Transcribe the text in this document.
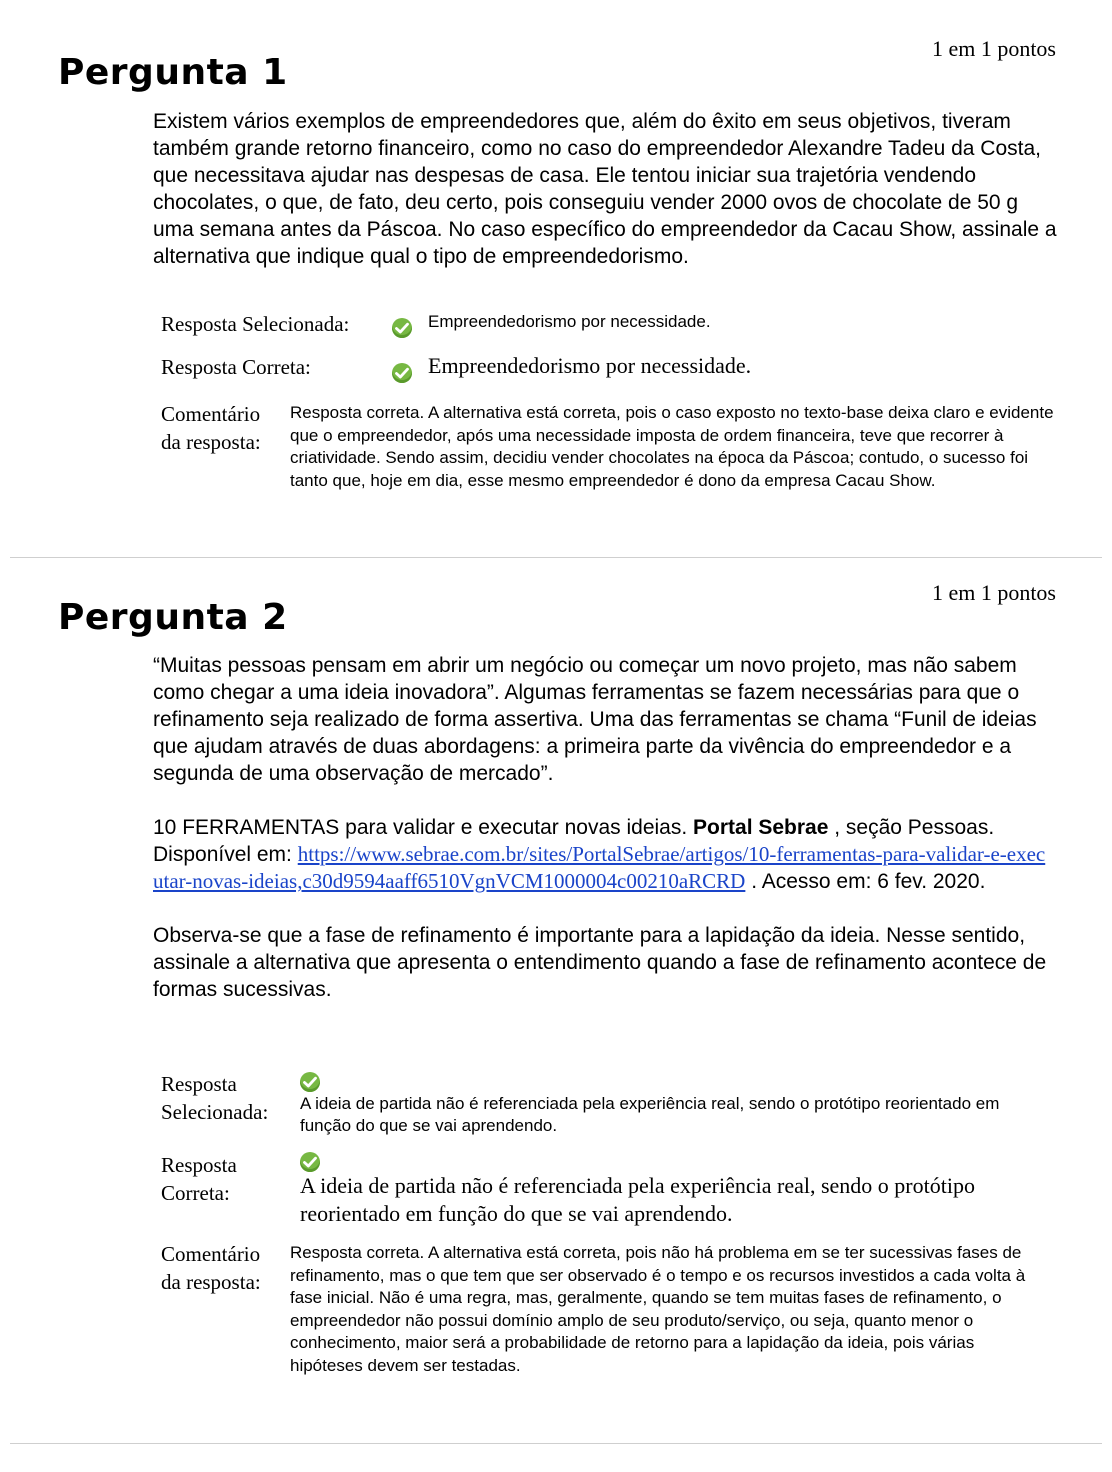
Pergunta 1
1 em 1 pontos

Existem vários exemplos de empreendedores que, além do êxito em seus objetivos, tiveram também grande retorno financeiro, como no caso do empreendedor Alexandre Tadeu da Costa, que necessitava ajudar nas despesas de casa. Ele tentou iniciar sua trajetória vendendo chocolates, o que, de fato, deu certo, pois conseguiu vender 2000 ovos de chocolate de 50 g uma semana antes da Páscoa. No caso específico do empreendedor da Cacau Show, assinale a alternativa que indique qual o tipo de empreendedorismo.

Resposta Selecionada:	Empreendedorismo por necessidade.
Resposta Correta:	Empreendedorismo por necessidade.
Comentário
da resposta:
Resposta correta. A alternativa está correta, pois o caso exposto no texto-base deixa claro e evidente que o empreendedor, após uma necessidade imposta de ordem financeira, teve que recorrer à criatividade. Sendo assim, decidiu vender chocolates na época da Páscoa; contudo, o sucesso foi tanto que, hoje em dia, esse mesmo empreendedor é dono da empresa Cacau Show.
Pergunta 2
1 em 1 pontos

“Muitas pessoas pensam em abrir um negócio ou começar um novo projeto, mas não sabem como chegar a uma ideia inovadora”. Algumas ferramentas se fazem necessárias para que o refinamento seja realizado de forma assertiva. Uma das ferramentas se chama “Funil de ideias que ajudam através de duas abordagens: a primeira parte da vivência do empreendedor e a segunda de uma observação de mercado”.

10 FERRAMENTAS para validar e executar novas ideias. Portal Sebrae , seção Pessoas. Disponível em: https://www.sebrae.com.br/sites/PortalSebrae/artigos/10-ferramentas-para-validar-e-executar-novas-ideias,c30d9594aaff6510VgnVCM1000004c00210aRCRD . Acesso em: 6 fev. 2020.

Observa-se que a fase de refinamento é importante para a lapidação da ideia. Nesse sentido, assinale a alternativa que apresenta o entendimento quando a fase de refinamento acontece de formas sucessivas.

Resposta
Selecionada: A ideia de partida não é referenciada pela experiência real, sendo o protótipo reorientado em função do que se vai aprendendo.
Resposta
Correta:	A ideia de partida não é referenciada pela experiência real, sendo o protótipo reorientado em função do que se vai aprendendo.
Comentário
da resposta:
Resposta correta. A alternativa está correta, pois não há problema em se ter sucessivas fases de refinamento, mas o que tem que ser observado é o tempo e os recursos investidos a cada volta à fase inicial. Não é uma regra, mas, geralmente, quando se tem muitas fases de refinamento, o empreendedor não possui domínio amplo de seu produto/serviço, ou seja, quanto menor o conhecimento, maior será a probabilidade de retorno para a lapidação da ideia, pois várias hipóteses devem ser testadas.
